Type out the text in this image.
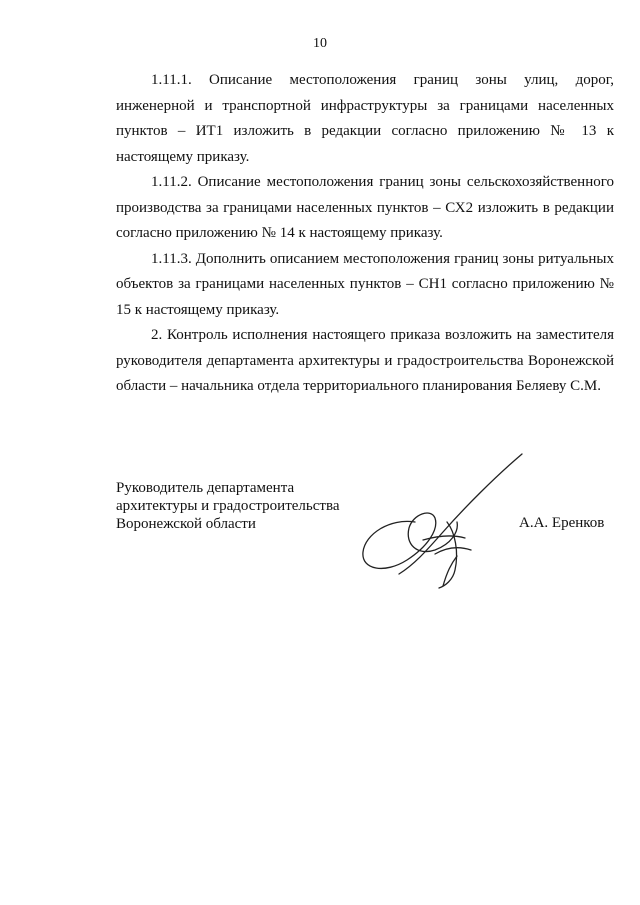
10

1.11.1. Описание местоположения границ зоны улиц, дорог, инженерной и транспортной инфраструктуры за границами населенных пунктов – ИТ1 изложить в редакции согласно приложению № 13 к настоящему приказу.

1.11.2. Описание местоположения границ зоны сельскохозяйственного производства за границами населенных пунктов – СХ2 изложить в редакции согласно приложению № 14 к настоящему приказу.

1.11.3. Дополнить описанием местоположения границ зоны ритуальных объектов за границами населенных пунктов – СН1 согласно приложению № 15 к настоящему приказу.

2. Контроль исполнения настоящего приказа возложить на заместителя руководителя департамента архитектуры и градостроительства Воронежской области – начальника отдела территориального планирования Беляеву С.М.

Руководитель департамента
архитектуры и градостроительства
Воронежской области	А.А. Еренков
